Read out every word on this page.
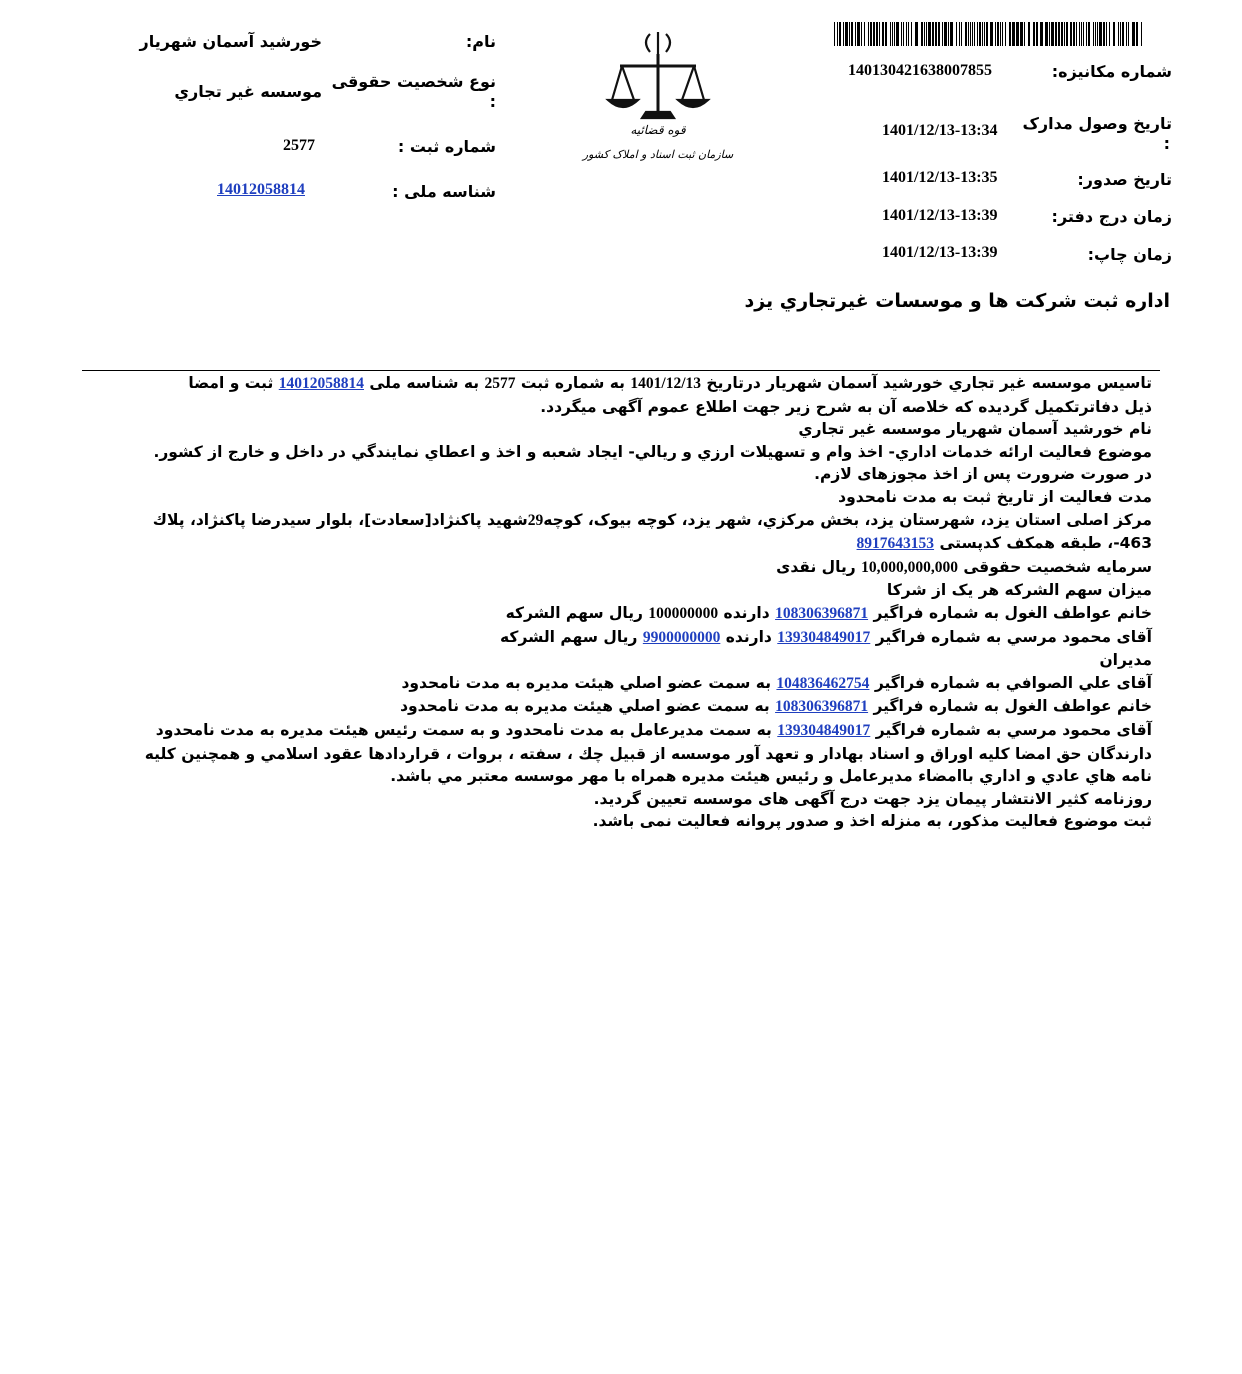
شماره مکانیزه:
140130421638007855
تاریخ وصول مدارک
:
1401/12/13-13:34
تاریخ صدور:
1401/12/13-13:35
زمان درج دفتر:
1401/12/13-13:39
زمان چاپ:
1401/12/13-13:39
قوه قضائیه
سازمان ثبت اسناد و املاک کشور
نام:
خورشید آسمان شهریار
نوع شخصیت حقوقی
:
موسسه غیر تجاري
شماره ثبت :
2577
شناسه ملی :
14012058814
اداره ثبت شرکت ها و موسسات غیرتجاري یزد

تاسیس موسسه غیر تجاري خورشید آسمان شهریار درتاریخ 1401/12/13 به شماره ثبت 2577 به شناسه ملی 14012058814 ثبت و امضا

ذیل دفاترتکمیل گردیده که خلاصه آن به شرح زیر جهت اطلاع عموم آگهی میگردد.

نام خورشید آسمان شهریار موسسه غیر تجاري

موضوع فعالیت ارائه خدمات اداري- اخذ وام و تسهیلات ارزي و ریالي- ایجاد شعبه و اخذ و اعطاي نمایندگي در داخل و خارج از کشور.

در صورت ضرورت پس از اخذ مجوزهای لازم.

مدت فعالیت از تاریخ ثبت به مدت نامحدود

مرکز اصلی استان یزد، شهرستان یزد، بخش مرکزي، شهر یزد، کوچه بیوک، کوچه29شهید پاکنژاد[سعادت]، بلوار سیدرضا پاکنژاد، پلاك

463-، طبقه همکف کدپستی 8917643153

سرمایه شخصیت حقوقی 10,000,000,000 ریال نقدی

میزان سهم الشرکه هر یک از شرکا

خانم عواطف الغول به شماره فراگیر 108306396871 دارنده 100000000 ریال سهم الشرکه

آقای محمود مرسي به شماره فراگیر 139304849017 دارنده 9900000000 ریال سهم الشرکه

مدیران

آقای علي الصوافي به شماره فراگیر 104836462754 به سمت عضو اصلي هیئت مدیره به مدت نامحدود

خانم عواطف الغول به شماره فراگیر 108306396871 به سمت عضو اصلي هیئت مدیره به مدت نامحدود

آقای محمود مرسي به شماره فراگیر 139304849017 به سمت مدیرعامل به مدت نامحدود و به سمت رئیس هیئت مدیره به مدت نامحدود

دارندگان حق امضا کلیه اوراق و اسناد بهادار و تعهد آور موسسه از قبیل چك ، سفته ، بروات ، قراردادها عقود اسلامي و همچنین کلیه

نامه هاي عادي و اداري باامضاء مدیرعامل و رئیس هیئت مدیره همراه با مهر موسسه معتبر مي باشد.

روزنامه کثیر الانتشار پیمان یزد جهت درج آگهی های موسسه تعیین گردید.

ثبت موضوع فعالیت مذکور، به منزله اخذ و صدور پروانه فعالیت نمی باشد.
